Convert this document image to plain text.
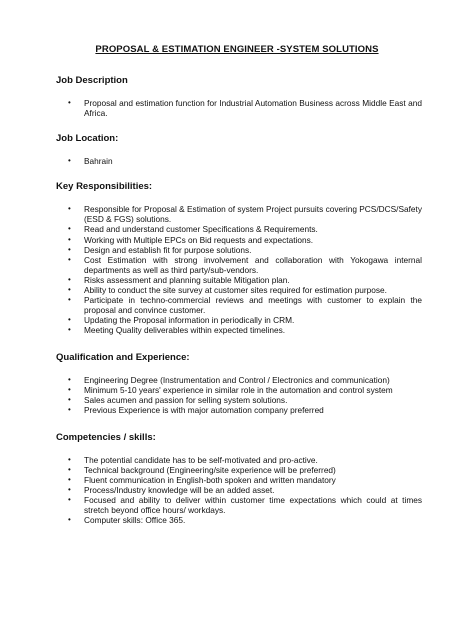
PROPOSAL & ESTIMATION ENGINEER -SYSTEM SOLUTIONS
Job Description
• Proposal and estimation function for Industrial Automation Business across Middle East and Africa.
Job Location:
• Bahrain
Key Responsibilities:
• Responsible for Proposal & Estimation of system Project pursuits covering PCS/DCS/Safety (ESD & FGS) solutions.
• Read and understand customer Specifications & Requirements.
• Working with Multiple EPCs on Bid requests and expectations.
• Design and establish fit for purpose solutions.
• Cost Estimation with strong involvement and collaboration with Yokogawa internal departments as well as third party/sub-vendors.
• Risks assessment and planning suitable Mitigation plan.
• Ability to conduct the site survey at customer sites required for estimation purpose.
• Participate in techno-commercial reviews and meetings with customer to explain the proposal and convince customer.
• Updating the Proposal information in periodically in CRM.
• Meeting Quality deliverables within expected timelines.
Qualification and Experience:
• Engineering Degree (Instrumentation and Control / Electronics and communication)
• Minimum 5-10 years' experience in similar role in the automation and control system
• Sales acumen and passion for selling system solutions.
• Previous Experience is with major automation company preferred
Competencies / skills:
• The potential candidate has to be self-motivated and pro-active.
• Technical background (Engineering/site experience will be preferred)
• Fluent communication in English-both spoken and written mandatory
• Process/Industry knowledge will be an added asset.
• Focused and ability to deliver within customer time expectations which could at times stretch beyond office hours/ workdays.
• Computer skills: Office 365.
